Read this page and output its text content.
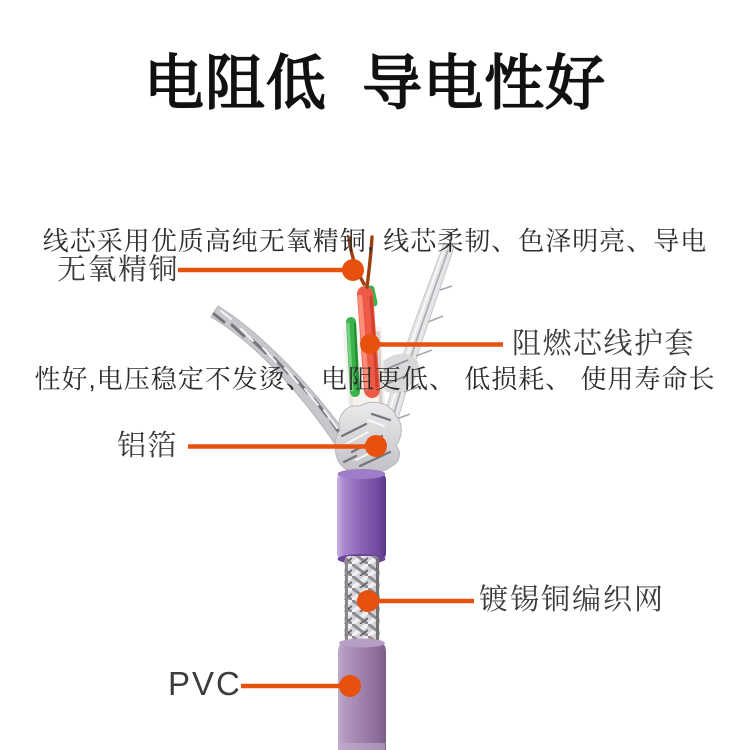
电阻低  导电性好

线芯采用优质高纯无氧精铜, 线芯柔韧、色泽明亮、导电

性好,电压稳定不发烫、 电阻更低、 低损耗、 使用寿命长

无氧精铜
阻燃芯线护套
铝箔
镀锡铜编织网
PVC
